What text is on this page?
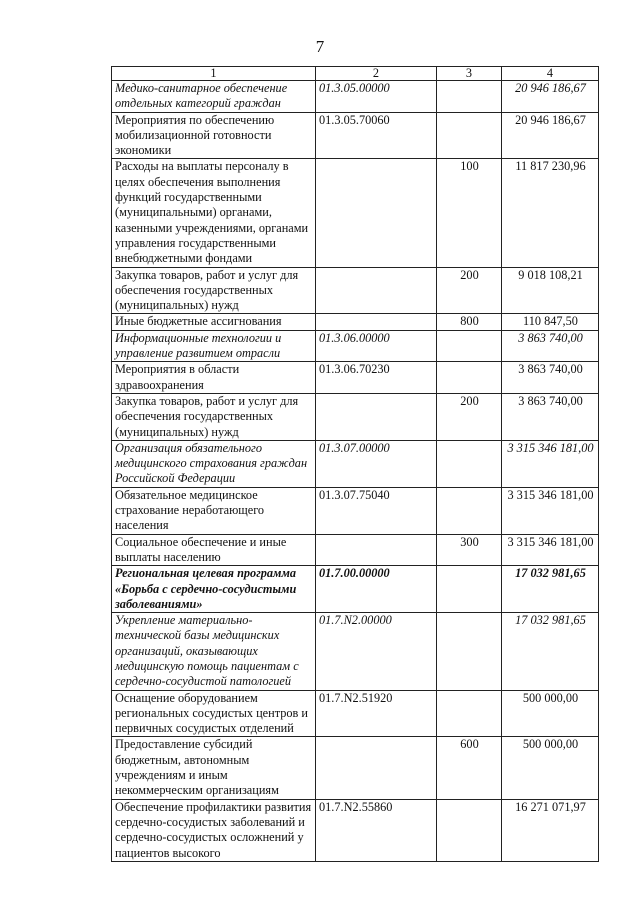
7
1	2	3	4
Медико-санитарное обеспечение отдельных категорий граждан	01.3.05.00000		20 946 186,67
Мероприятия по обеспечению мобилизационной готовности экономики	01.3.05.70060		20 946 186,67
Расходы на выплаты персоналу в целях обеспечения выполнения функций государственными (муниципальными) органами, казенными учреждениями, органами управления государственными внебюджетными фондами		100	11 817 230,96
Закупка товаров, работ и услуг для обеспечения государственных (муниципальных) нужд		200	9 018 108,21
Иные бюджетные ассигнования		800	110 847,50
Информационные технологии и управление развитием отрасли	01.3.06.00000		3 863 740,00
Мероприятия в области здравоохранения	01.3.06.70230		3 863 740,00
Закупка товаров, работ и услуг для обеспечения государственных (муниципальных) нужд		200	3 863 740,00
Организация обязательного медицинского страхования граждан Российской Федерации	01.3.07.00000		3 315 346 181,00
Обязательное медицинское страхование неработающего населения	01.3.07.75040		3 315 346 181,00
Социальное обеспечение и иные выплаты населению		300	3 315 346 181,00
Региональная целевая программа «Борьба с сердечно-сосудистыми заболеваниями»	01.7.00.00000		17 032 981,65
Укрепление материально-технической базы медицинских организаций, оказывающих медицинскую помощь пациентам с сердечно-сосудистой патологией	01.7.N2.00000		17 032 981,65
Оснащение оборудованием региональных сосудистых центров и первичных сосудистых отделений	01.7.N2.51920		500 000,00
Предоставление субсидий бюджетным, автономным учреждениям и иным некоммерческим организациям		600	500 000,00
Обеспечение профилактики развития сердечно-сосудистых заболеваний и сердечно-сосудистых осложнений у пациентов высокого	01.7.N2.55860		16 271 071,97
